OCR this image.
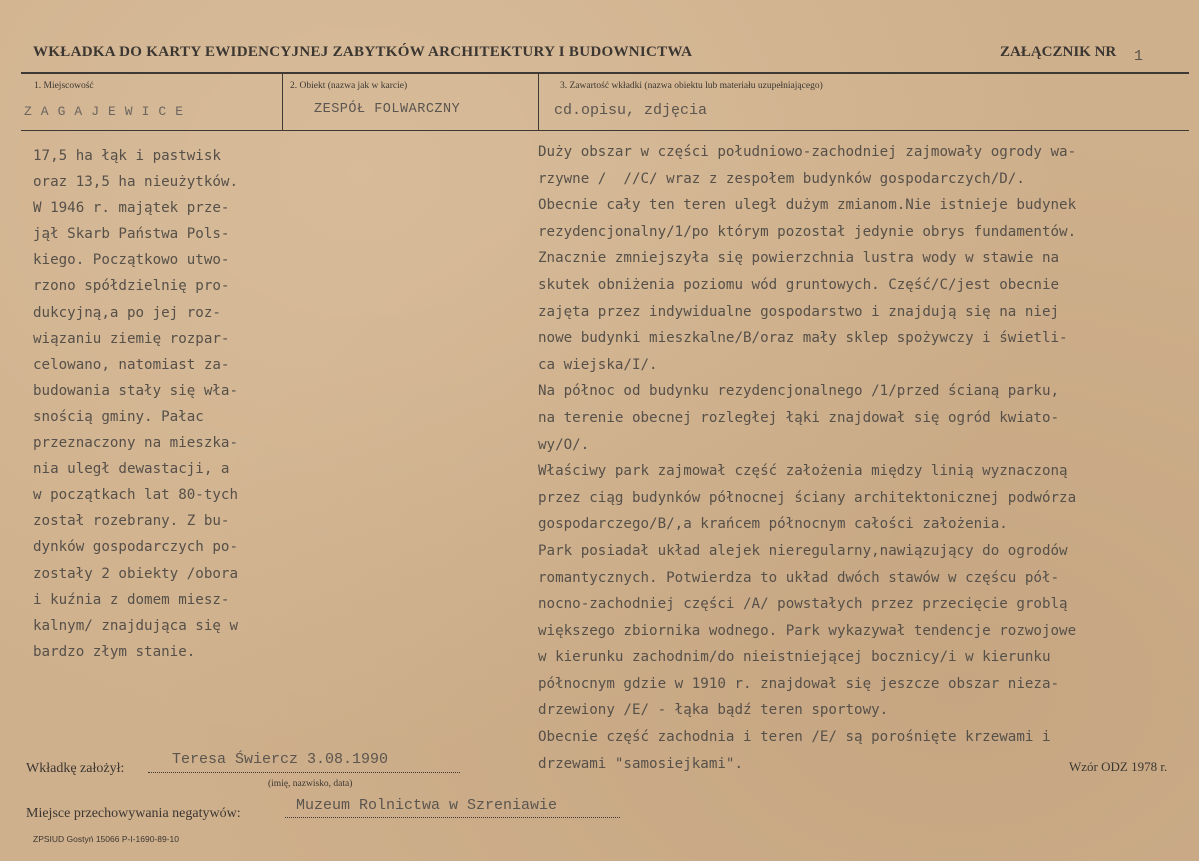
WKŁADKA DO KARTY EWIDENCYJNEJ ZABYTKÓW ARCHITEKTURY I BUDOWNICTWA	ZAŁĄCZNIK NR 1
1. Miejscowość	2. Obiekt (nazwa jak w karcie)	3. Zawartość wkładki (nazwa obiektu lub materiału uzupełniającego)
ZAGAJEWICE	ZESPÓŁ FOLWARCZNY	cd.opisu, zdjęcia
17,5 ha łąk i pastwisk
oraz 13,5 ha nieużytków.
W 1946 r. majątek prze-
jął Skarb Państwa Pols-
kiego. Początkowo utwo-
rzono spółdzielnię pro-
dukcyjną,a po jej roz-
wiązaniu ziemię rozpar-
celowano, natomiast za-
budowania stały się wła-
snością gminy. Pałac
przeznaczony na mieszka-
nia uległ dewastacji, a
w początkach lat 80-tych
został rozebrany. Z bu-
dynków gospodarczych po-
zostały 2 obiekty /obora
i kuźnia z domem miesz-
kalnym/ znajdująca się w
bardzo złym stanie.
Duży obszar w części południowo-zachodniej zajmowały ogrody wa-
rzywne /  //C/ wraz z zespołem budynków gospodarczych/D/.
Obecnie cały ten teren uległ dużym zmianom.Nie istnieje budynek
rezydencjonalny/1/po którym pozostał jedynie obrys fundamentów.
Znacznie zmniejszyła się powierzchnia lustra wody w stawie na
skutek obniżenia poziomu wód gruntowych. Część/C/jest obecnie
zajęta przez indywidualne gospodarstwo i znajdują się na niej
nowe budynki mieszkalne/B/oraz mały sklep spożywczy i świetli-
ca wiejska/I/.
Na północ od budynku rezydencjonalnego /1/przed ścianą parku,
na terenie obecnej rozległej łąki znajdował się ogród kwiato-
wy/O/.
Właściwy park zajmował część założenia między linią wyznaczoną
przez ciąg budynków północnej ściany architektonicznej podwórza
gospodarczego/B/,a krańcem północnym całości założenia.
Park posiadał układ alejek nieregularny,nawiązujący do ogrodów
romantycznych. Potwierdza to układ dwóch stawów w częścu pół-
nocno-zachodniej części /A/ powstałych przez przecięcie groblą
większego zbiornika wodnego. Park wykazywał tendencje rozwojowe
w kierunku zachodnim/do nieistniejącej bocznicy/i w kierunku
północnym gdzie w 1910 r. znajdował się jeszcze obszar nieza-
drzewiony /E/ - łąka bądź teren sportowy.
Obecnie część zachodnia i teren /E/ są porośnięte krzewami i
drzewami "samosiejkami".
Wkładkę założył:
Teresa Świercz 3.08.1990
(imię, nazwisko, data)
Miejsce przechowywania negatywów:	Muzeum Rolnictwa w Szreniawie
Wzór ODZ 1978 r.
ZPSIUD Gostyń 15066 P-I-1690-89-10
